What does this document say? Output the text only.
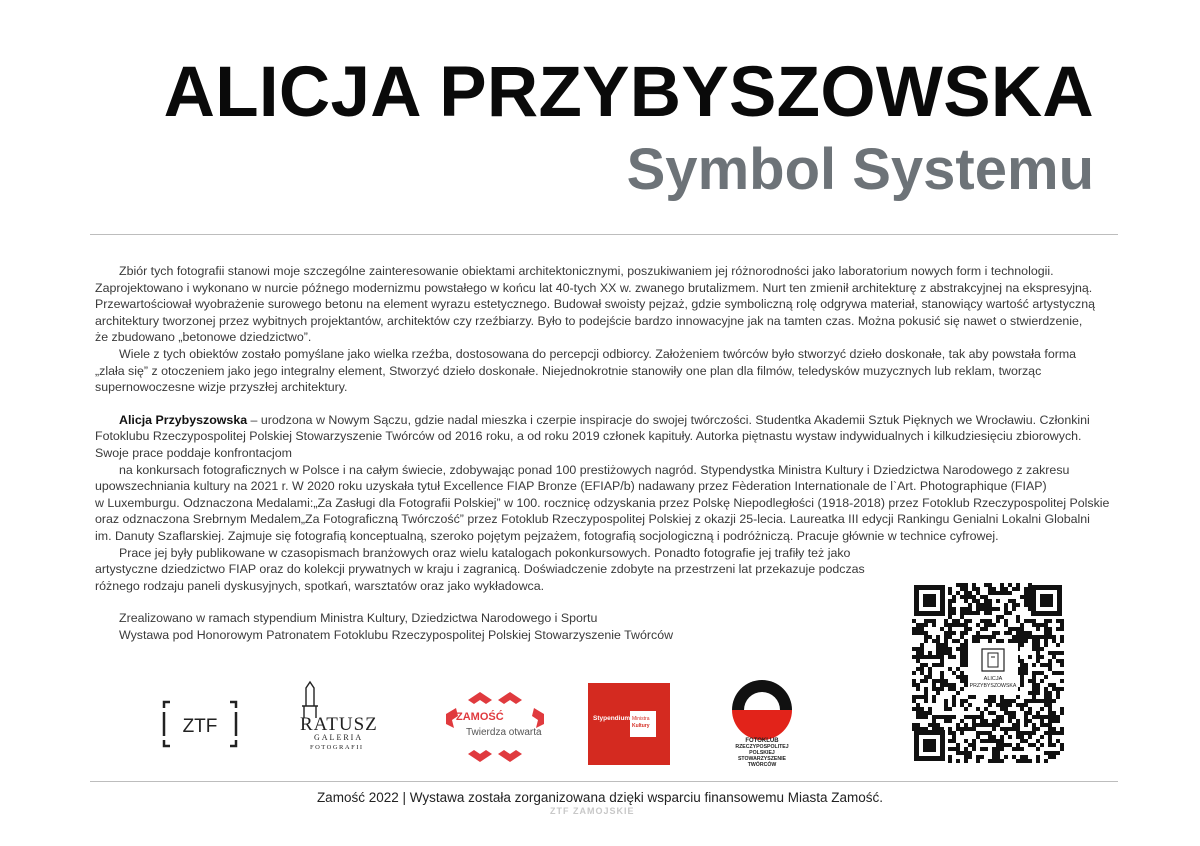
ALICJA PRZYBYSZOWSKA
Symbol Systemu

Zbiór tych fotografii stanowi moje szczególne zainteresowanie obiektami architektonicznymi, poszukiwaniem jej różnorodności jako laboratorium nowych form i technologii.

Zaprojektowano i wykonano w nurcie późnego modernizmu powstałego w końcu lat 40-tych XX w. zwanego brutalizmem. Nurt ten zmienił architekturę z abstrakcyjnej na ekspresyjną.

Przewartościował wyobrażenie surowego betonu na element wyrazu estetycznego. Budował swoisty pejzaż, gdzie symboliczną rolę odgrywa materiał, stanowiący wartość artystyczną

architektury tworzonej przez wybitnych projektantów, architektów czy rzeźbiarzy. Było to podejście bardzo innowacyjne jak na tamten czas. Można pokusić się nawet o stwierdzenie,

że zbudowano „betonowe dziedzictwo”.

Wiele z tych obiektów zostało pomyślane jako wielka rzeźba, dostosowana do percepcji odbiorcy. Założeniem twórców było stworzyć dzieło doskonałe, tak aby powstała forma

„zlała się” z otoczeniem jako jego integralny element, Stworzyć dzieło doskonałe. Niejednokrotnie stanowiły one plan dla filmów, teledysków muzycznych lub reklam, tworząc

supernowoczesne wizje przyszłej architektury.

Alicja Przybyszowska – urodzona w Nowym Sączu, gdzie nadal mieszka i czerpie inspiracje do swojej twórczości. Studentka Akademii Sztuk Pięknych we Wrocławiu. Członkini

Fotoklubu Rzeczypospolitej Polskiej Stowarzyszenie Twórców od 2016 roku, a od roku 2019 członek kapituły. Autorka piętnastu wystaw indywidualnych i kilkudziesięciu zbiorowych.

Swoje prace poddaje konfrontacjom

na konkursach fotograficznych w Polsce i na całym świecie, zdobywając ponad 100 prestiżowych nagród. Stypendystka Ministra Kultury i Dziedzictwa Narodowego z zakresu

upowszechniania kultury na 2021 r. W 2020 roku uzyskała tytuł Excellence FIAP Bronze (EFIAP/b) nadawany przez Fèderation Internationale de l`Art. Photographique (FIAP)

w Luxemburgu. Odznaczona Medalami:„Za Zasługi dla Fotografii Polskiej” w 100. rocznicę odzyskania przez Polskę Niepodległości (1918-2018) przez Fotoklub Rzeczypospolitej Polskie

oraz odznaczona Srebrnym Medalem„Za Fotograficzną Twórczość” przez Fotoklub Rzeczypospolitej Polskiej z okazji 25-lecia. Laureatka III edycji Rankingu Genialni Lokalni Globalni

im. Danuty Szaflarskiej. Zajmuje się fotografią konceptualną, szeroko pojętym pejzażem, fotografią socjologiczną i podróżniczą. Pracuje głównie w technice cyfrowej.

Prace jej były publikowane w czasopismach branżowych oraz wielu katalogach pokonkursowych. Ponadto fotografie jej trafiły też jako

artystyczne dziedzictwo FIAP oraz do kolekcji prywatnych w kraju i zagranicą. Doświadczenie zdobyte na przestrzeni lat przekazuje podczas

różnego rodzaju paneli dyskusyjnych, spotkań, warsztatów oraz jako wykładowca.

Zrealizowano w ramach stypendium Ministra Kultury, Dziedzictwa Narodowego i Sportu

Wystawa pod Honorowym Patronatem Fotoklubu Rzeczypospolitej Polskiej Stowarzyszenie Twórców

ZTF	RATUSZ
GALERIA
FOTOGRAFII
ZAMOŚĆ
Twierdza otwarta
Stypendium Ministra
Kultury
FOTOKLUB
RZECZYPOSPOLITEJ
POLSKIEJ
STOWARZYSZENIE
TWÓRCÓW
ALICJA
PRZYBYSZOWSKA
Zamość 2022 | Wystawa została zorganizowana dzięki wsparciu finansowemu Miasta Zamość.
ZTF ZAMOJSKIE
